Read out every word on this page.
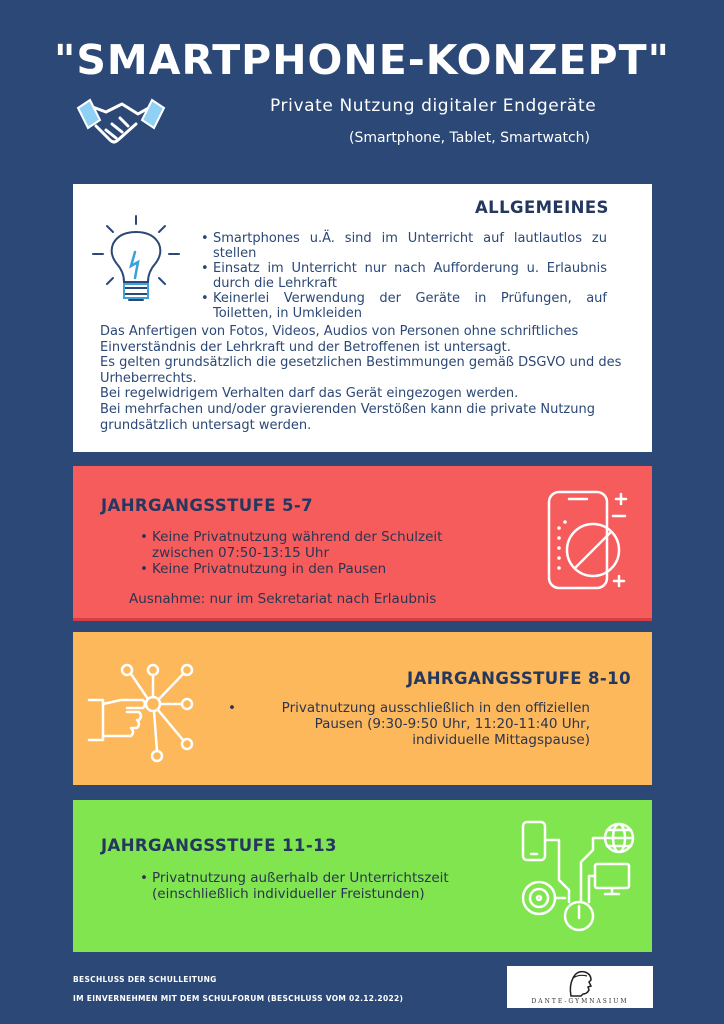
"SMARTPHONE-KONZEPT"
Private Nutzung digitaler Endgeräte
(Smartphone, Tablet, Smartwatch)
ALLGEMEINES
• Smartphones u.Ä. sind im Unterricht auf lautlautlos zu stellen
• Einsatz im Unterricht nur nach Aufforderung u. Erlaubnis durch die Lehrkraft
• Keinerlei Verwendung der Geräte in Prüfungen, auf Toiletten, in Umkleiden
Das Anfertigen von Fotos, Videos, Audios von Personen ohne schriftliches Einverständnis der Lehrkraft und der Betroffenen ist untersagt.
Es gelten grundsätzlich die gesetzlichen Bestimmungen gemäß DSGVO und des Urheberrechts.
Bei regelwidrigem Verhalten darf das Gerät eingezogen werden.
Bei mehrfachen und/oder gravierenden Verstößen kann die private Nutzung grundsätzlich untersagt werden.
JAHRGANGSSTUFE 5-7
• Keine Privatnutzung während der Schulzeit zwischen 07:50-13:15 Uhr
• Keine Privatnutzung in den Pausen
Ausnahme: nur im Sekretariat nach Erlaubnis
JAHRGANGSSTUFE 8-10
•	Privatnutzung ausschließlich in den offiziellen Pausen (9:30-9:50 Uhr, 11:20-11:40 Uhr, individuelle Mittagspause)
JAHRGANGSSTUFE 11-13
• Privatnutzung außerhalb der Unterrichtszeit (einschließlich individueller Freistunden)
BESCHLUSS DER SCHULLEITUNG
IM EINVERNEHMEN MIT DEM SCHULFORUM (BESCHLUSS VOM 02.12.2022)	DANTE-GYMNASIUM
